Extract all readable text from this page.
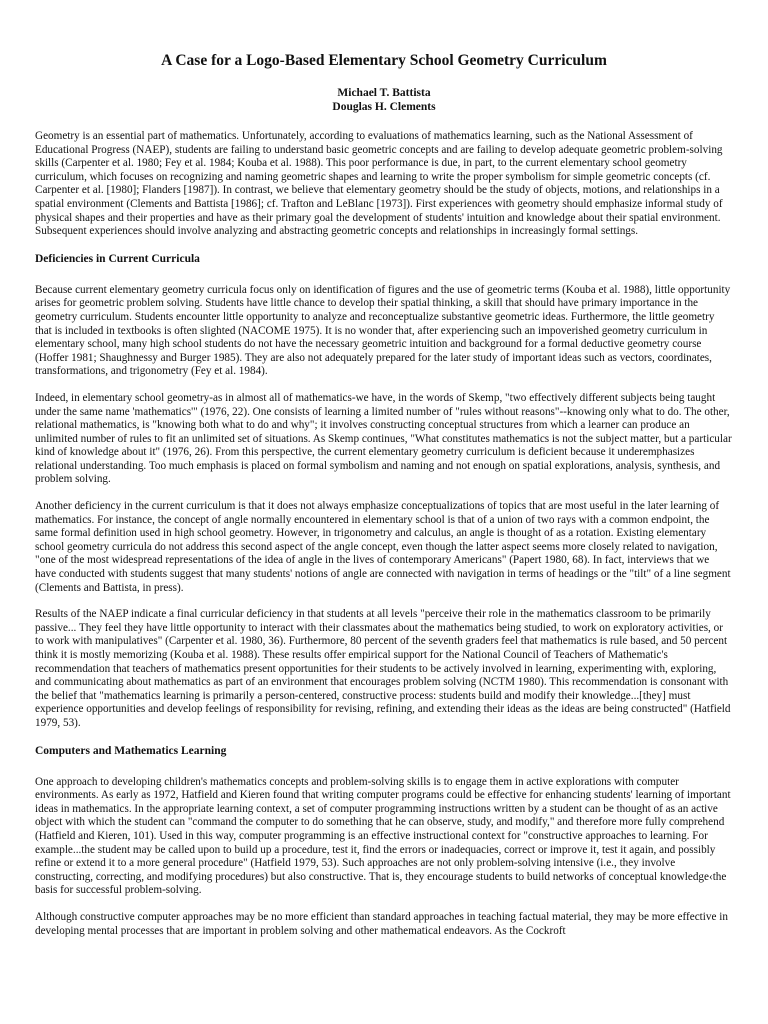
A Case for a Logo-Based Elementary School Geometry Curriculum
Michael T. Battista
Douglas H. Clements

Geometry is an essential part of mathematics. Unfortunately, according to evaluations of mathematics learning, such as the National Assessment of Educational Progress (NAEP), students are failing to understand basic geometric concepts and are failing to develop adequate geometric problem-solving skills (Carpenter et al. 1980; Fey et al. 1984; Kouba et al. 1988). This poor performance is due, in part, to the current elementary school geometry curriculum, which focuses on recognizing and naming geometric shapes and learning to write the proper symbolism for simple geometric concepts (cf. Carpenter et al. [1980]; Flanders [1987]). In contrast, we believe that elementary geometry should be the study of objects, motions, and relationships in a spatial environment (Clements and Battista [1986]; cf. Trafton and LeBlanc [1973]). First experiences with geometry should emphasize informal study of physical shapes and their properties and have as their primary goal the development of students' intuition and knowledge about their spatial environment. Subsequent experiences should involve analyzing and abstracting geometric concepts and relationships in increasingly formal settings.

Deficiencies in Current Curricula

Because current elementary geometry curricula focus only on identification of figures and the use of geometric terms (Kouba et al. 1988), little opportunity arises for geometric problem solving. Students have little chance to develop their spatial thinking, a skill that should have primary importance in the geometry curriculum. Students encounter little opportunity to analyze and reconceptualize substantive geometric ideas. Furthermore, the little geometry that is included in textbooks is often slighted (NACOME 1975). It is no wonder that, after experiencing such an impoverished geometry curriculum in elementary school, many high school students do not have the necessary geometric intuition and background for a formal deductive geometry course (Hoffer 1981; Shaughnessy and Burger 1985). They are also not adequately prepared for the later study of important ideas such as vectors, coordinates, transformations, and trigonometry (Fey et al. 1984).

Indeed, in elementary school geometry-as in almost all of mathematics-we have, in the words of Skemp, "two effectively different subjects being taught under the same name 'mathematics'" (1976, 22). One consists of learning a limited number of "rules without reasons"--knowing only what to do. The other, relational mathematics, is "knowing both what to do and why"; it involves constructing conceptual structures from which a learner can produce an unlimited number of rules to fit an unlimited set of situations. As Skemp continues, "What constitutes mathematics is not the subject matter, but a particular kind of knowledge about it" (1976, 26). From this perspective, the current elementary geometry curriculum is deficient because it underemphasizes relational understanding. Too much emphasis is placed on formal symbolism and naming and not enough on spatial explorations, analysis, synthesis, and problem solving.

Another deficiency in the current curriculum is that it does not always emphasize conceptualizations of topics that are most useful in the later learning of mathematics. For instance, the concept of angle normally encountered in elementary school is that of a union of two rays with a common endpoint, the same formal definition used in high school geometry. However, in trigonometry and calculus, an angle is thought of as a rotation. Existing elementary school geometry curricula do not address this second aspect of the angle concept, even though the latter aspect seems more closely related to navigation, "one of the most widespread representations of the idea of angle in the lives of contemporary Americans" (Papert 1980, 68). In fact, interviews that we have conducted with students suggest that many students' notions of angle are connected with navigation in terms of headings or the "tilt" of a line segment (Clements and Battista, in press).

Results of the NAEP indicate a final curricular deficiency in that students at all levels "perceive their role in the mathematics classroom to be primarily passive... They feel they have little opportunity to interact with their classmates about the mathematics being studied, to work on exploratory activities, or to work with manipulatives" (Carpenter et al. 1980, 36). Furthermore, 80 percent of the seventh graders feel that mathematics is rule based, and 50 percent think it is mostly memorizing (Kouba et al. 1988). These results offer empirical support for the National Council of Teachers of Mathematic's recommendation that teachers of mathematics present opportunities for their students to be actively involved in learning, experimenting with, exploring, and communicating about mathematics as part of an environment that encourages problem solving (NCTM 1980). This recommendation is consonant with the belief that "mathematics learning is primarily a person-centered, constructive process: students build and modify their knowledge...[they] must experience opportunities and develop feelings of responsibility for revising, refining, and extending their ideas as the ideas are being constructed" (Hatfield 1979, 53).

Computers and Mathematics Learning

One approach to developing children's mathematics concepts and problem-solving skills is to engage them in active explorations with computer environments. As early as 1972, Hatfield and Kieren found that writing computer programs could be effective for enhancing students' learning of important ideas in mathematics. In the appropriate learning context, a set of computer programming instructions written by a student can be thought of as an active object with which the student can "command the computer to do something that he can observe, study, and modify," and therefore more fully comprehend (Hatfield and Kieren, 101). Used in this way, computer programming is an effective instructional context for "constructive approaches to learning. For example...the student may be called upon to build up a procedure, test it, find the errors or inadequacies, correct or improve it, test it again, and possibly refine or extend it to a more general procedure" (Hatfield 1979, 53). Such approaches are not only problem-solving intensive (i.e., they involve constructing, correcting, and modifying procedures) but also constructive. That is, they encourage students to build networks of conceptual knowledge‹the basis for successful problem-solving.

Although constructive computer approaches may be no more efficient than standard approaches in teaching factual material, they may be more effective in developing mental processes that are important in problem solving and other mathematical endeavors. As the Cockroft
